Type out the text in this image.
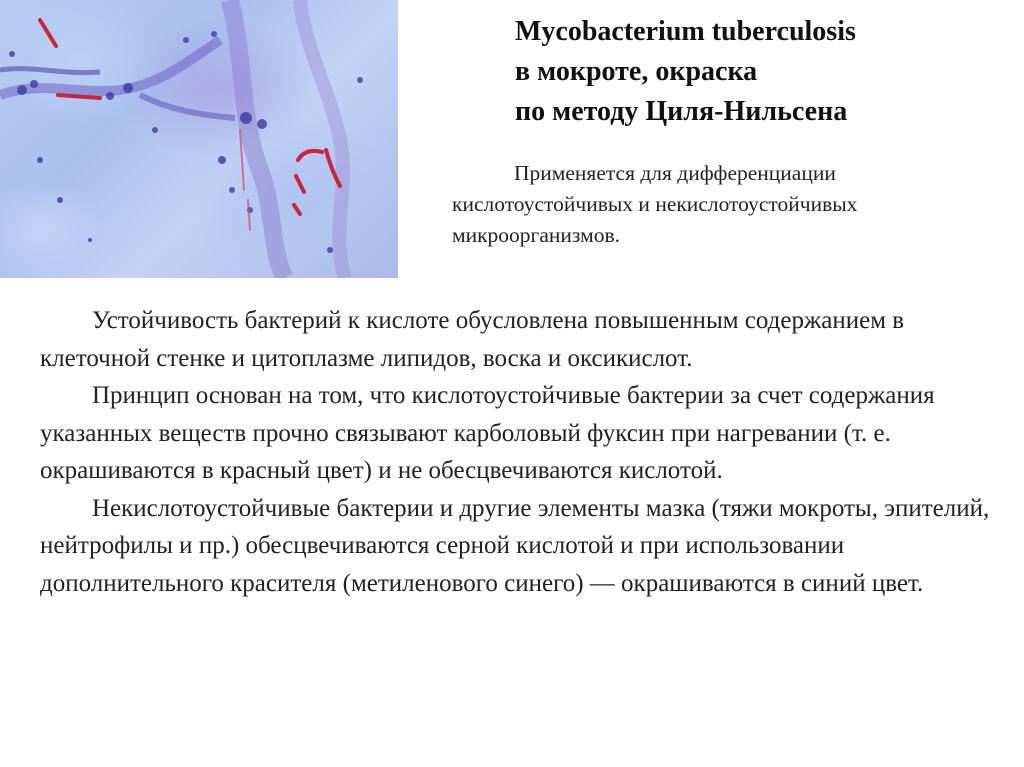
Mycobacterium tuberculosis
в мокроте, окраска
по методу Циля-Нильсена

Применяется для дифференциации кислотоустойчивых и некислотоустойчивых микроорганизмов.

Устойчивость бактерий к кислоте обусловлена повышенным содержанием в клеточной стенке и цитоплазме липидов, воска и оксикислот.

Принцип основан на том, что кислотоустойчивые бактерии за счет содержания указанных веществ прочно связывают карболовый фуксин при нагревании (т. е. окрашиваются в красный цвет) и не обесцвечиваются кислотой.

Некислотоустойчивые бактерии и другие элементы мазка (тяжи мокроты, эпителий, нейтрофилы и пр.) обесцвечиваются серной кислотой и при использовании дополнительного красителя (метиленового синего) — окрашиваются в синий цвет.
